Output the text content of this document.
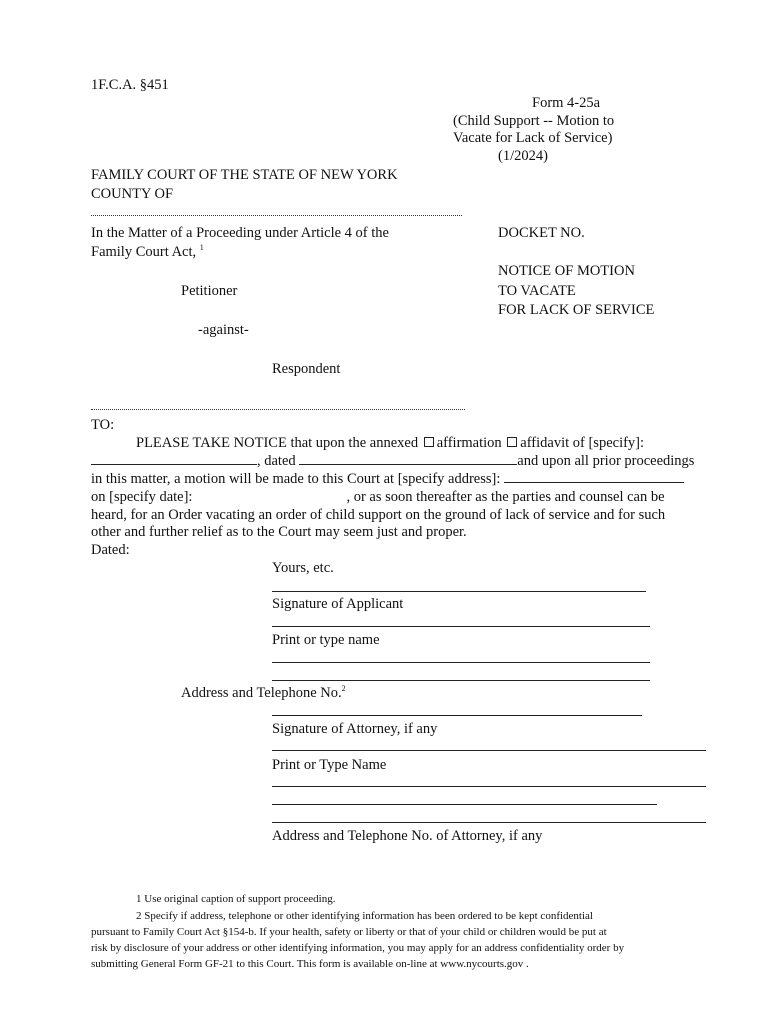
1F.C.A. §451
Form 4-25a
(Child Support -- Motion to
Vacate for Lack of Service)
(1/2024)
FAMILY COURT OF THE STATE OF NEW YORK
COUNTY OF
In the Matter of a Proceeding under Article 4 of the
Family Court Act, $^1$
Petitioner
-against-
Respondent
DOCKET NO.
NOTICE OF MOTION
TO VACATE
FOR LACK OF SERVICE
TO:
PLEASE TAKE NOTICE that upon the annexed affirmation affidavit of [specify]:
, dated	and upon all prior proceedings
in this matter, a motion will be made to this Court at [specify address]:
on [specify date]:	, or as soon thereafter as the parties and counsel can be
heard, for an Order vacating an order of child support on the ground of lack of service and for such
other and further relief as to the Court may seem just and proper.
Dated:
Yours, etc.
Signature of Applicant
Print or type name
Address and Telephone No.$^2$
Signature of Attorney, if any
Print or Type Name
Address and Telephone No. of Attorney, if any
1 Use original caption of support proceeding.
2 Specify if address, telephone or other identifying information has been ordered to be kept confidential
pursuant to Family Court Act §154-b. If your health, safety or liberty or that of your child or children would be put at
risk by disclosure of your address or other identifying information, you may apply for an address confidentiality order by
submitting General Form GF-21 to this Court. This form is available on-line at www.nycourts.gov .
